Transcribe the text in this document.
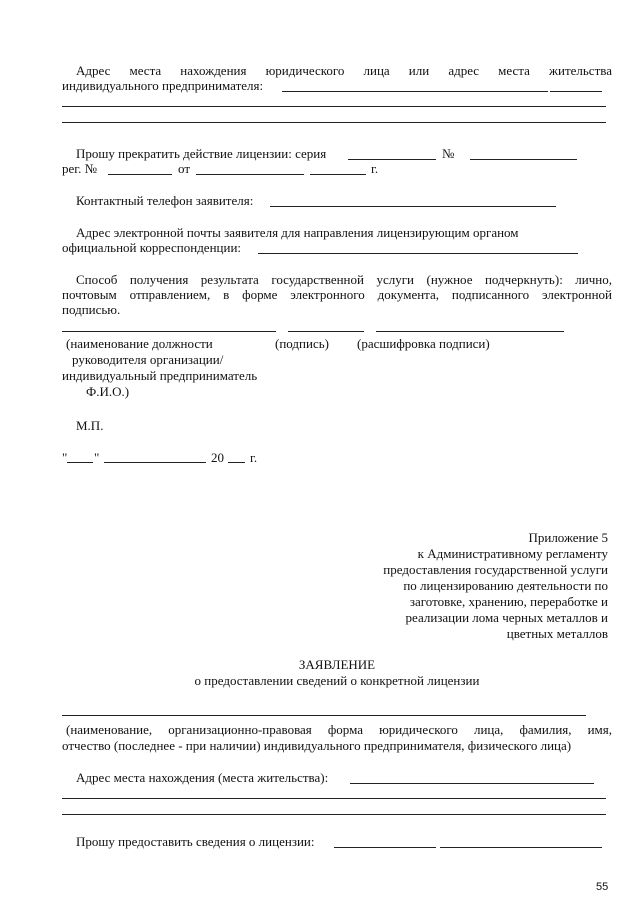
Адрес места нахождения юридического лица или адрес места жительства
индивидуального предпринимателя:
Прошу прекратить действие лицензии: серия	№
рег. №	от	г.
Контактный телефон заявителя:
Адрес электронной почты заявителя для направления лицензирующим органом
официальной корреспонденции:
Способ получения результата государственной услуги (нужное подчеркнуть): лично,
почтовым отправлением, в форме электронного документа, подписанного электронной
подписью.
(наименование должности	(подпись) (расшифровка подписи)
руководителя организации/
индивидуальный предприниматель
Ф.И.О.)
М.П.
" "	20 г.
Приложение 5
к Административному регламенту
предоставления государственной услуги
по лицензированию деятельности по
заготовке, хранению, переработке и
реализации лома черных металлов и
цветных металлов
ЗАЯВЛЕНИЕ
о предоставлении сведений о конкретной лицензии
(наименование, организационно-правовая форма юридического лица, фамилия, имя,
отчество (последнее - при наличии) индивидуального предпринимателя, физического лица)
Адрес места нахождения (места жительства):
Прошу предоставить сведения о лицензии:
55
